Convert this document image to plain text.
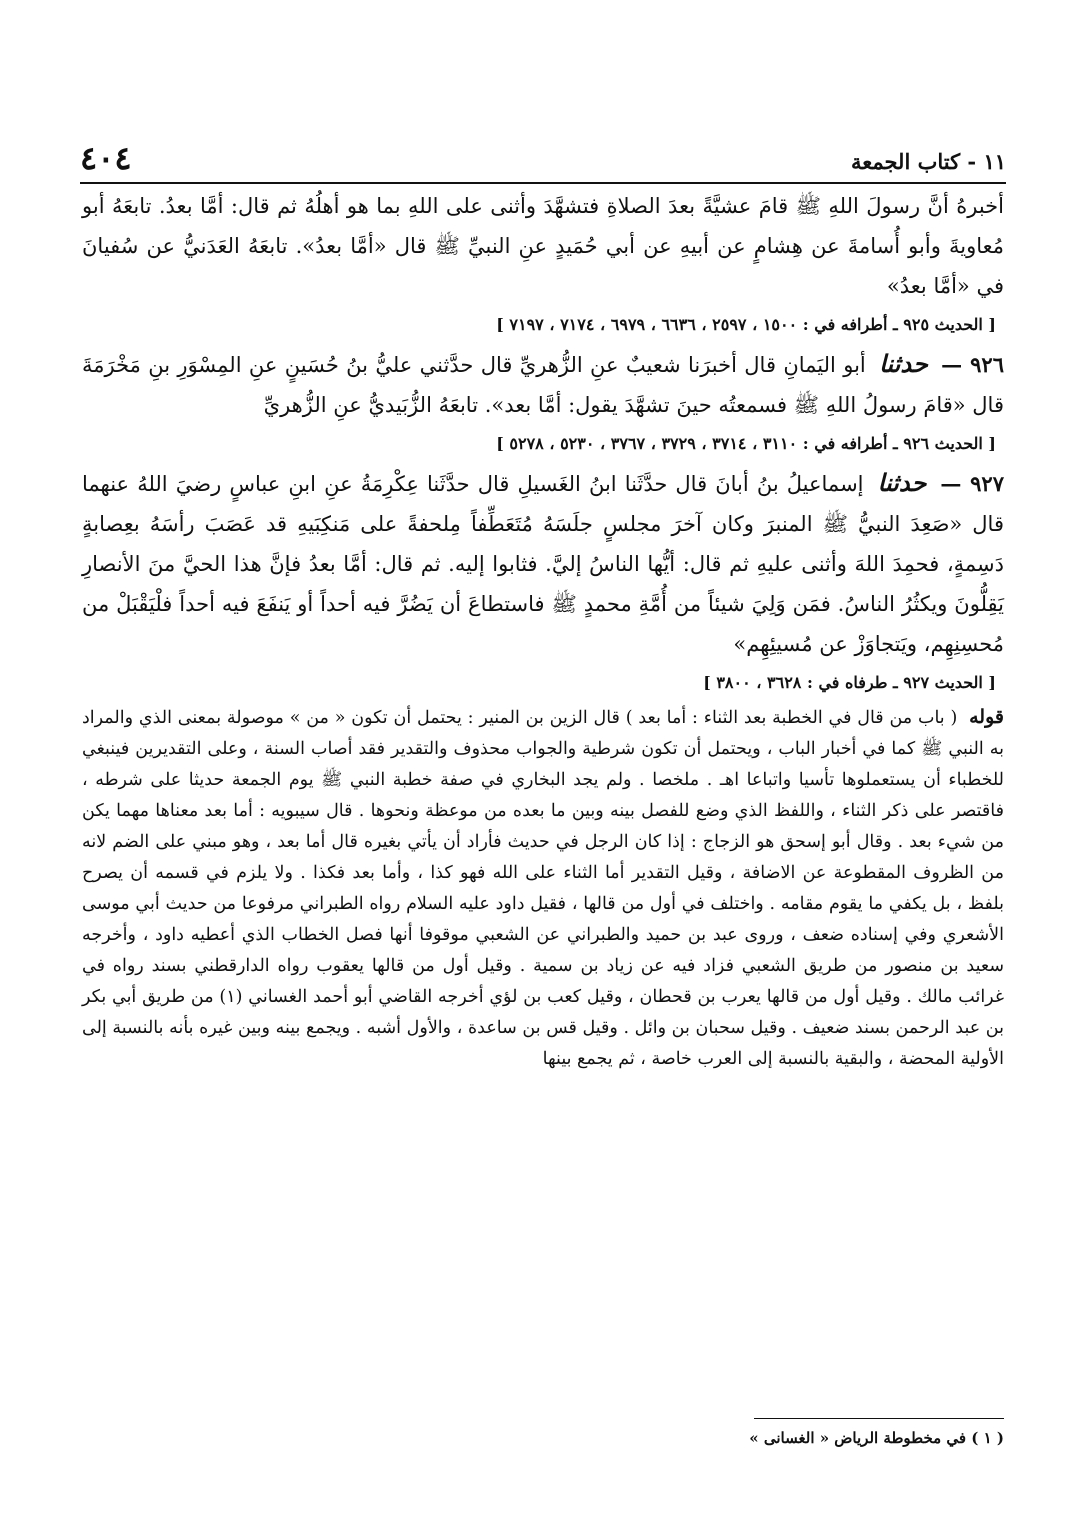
٤٠٤	١١ - كتاب الجمعة

أخبرهُ أنَّ رسولَ اللهِ ﷺ قامَ عشيَّةً بعدَ الصلاةِ فتشهَّدَ وأثنى على اللهِ بما هو أهلُهُ ثم قال: أمَّا بعدُ. تابعَهُ أبو مُعاويةَ وأبو أُسامةَ عن هِشامٍ عن أبيهِ عن أبي حُمَيدٍ عنِ النبيِّ ﷺ قال «أمَّا بعدُ». تابعَهُ العَدَنيُّ عن سُفيانَ في «أمَّا بعدُ»

[ الحديث ٩٢٥ ـ أطرافه في : ١٥٠٠ ، ٢٥٩٧ ، ٦٦٣٦ ، ٦٩٧٩ ، ٧١٧٤ ، ٧١٩٧ ]

٩٢٦ — حدثنا أبو اليَمانِ قال أخبرَنا شعيبٌ عنِ الزُّهريِّ قال حدَّثني عليُّ بنُ حُسَينٍ عنِ المِسْوَرِ بنِ مَخْرَمَةَ قال «قامَ رسولُ اللهِ ﷺ فسمعتُه حينَ تشهَّدَ يقول: أمَّا بعد». تابعَهُ الزُّبَيديُّ عنِ الزُّهريِّ

[ الحديث ٩٢٦ ـ أطرافه في : ٣١١٠ ، ٣٧١٤ ، ٣٧٢٩ ، ٣٧٦٧ ، ٥٢٣٠ ، ٥٢٧٨ ]

٩٢٧ — حدثنا إسماعيلُ بنُ أبانَ قال حدَّثَنا ابنُ الغَسيلِ قال حدَّثَنا عِكْرِمَةُ عنِ ابنِ عباسٍ رضيَ اللهُ عنهما قال «صَعِدَ النبيُّ ﷺ المنبرَ وكان آخرَ مجلسٍ جلَسَهُ مُتَعَطِّفاً مِلحفةً على مَنكِبَيهِ قد عَصَبَ رأسَهُ بعِصابةٍ دَسِمةٍ، فحمِدَ اللهَ وأثنى عليهِ ثم قال: أيُّها الناسُ إليَّ. فثابوا إليه. ثم قال: أمَّا بعدُ فإنَّ هذا الحيَّ منَ الأنصارِ يَقِلُّونَ ويكثُرُ الناسُ. فمَن وَلِيَ شيئاً من أُمَّةِ محمدٍ ﷺ فاستطاعَ أن يَضُرَّ فيه أحداً أو يَنفَعَ فيه أحداً فلْيَقْبَلْ من مُحسِنِهِم، ويَتجاوَزْ عن مُسيئِهِم»

[ الحديث ٩٢٧ ـ طرفاه في : ٣٦٢٨ ، ٣٨٠٠ ]

قوله ( باب من قال في الخطبة بعد الثناء : أما بعد ) قال الزين بن المنير : يحتمل أن تكون « من » موصولة بمعنى الذي والمراد به النبي ﷺ كما في أخبار الباب ، ويحتمل أن تكون شرطية والجواب محذوف والتقدير فقد أصاب السنة ، وعلى التقديرين فينبغي للخطباء أن يستعملوها تأسيا واتباعا اهـ . ملخصا . ولم يجد البخاري في صفة خطبة النبي ﷺ يوم الجمعة حديثا على شرطه ، فاقتصر على ذكر الثناء ، واللفظ الذي وضع للفصل بينه وبين ما بعده من موعظة ونحوها . قال سيبويه : أما بعد معناها مهما يكن من شيء بعد . وقال أبو إسحق هو الزجاج : إذا كان الرجل في حديث فأراد أن يأتي بغيره قال أما بعد ، وهو مبني على الضم لانه من الظروف المقطوعة عن الاضافة ، وقيل التقدير أما الثناء على الله فهو كذا ، وأما بعد فكذا . ولا يلزم في قسمه أن يصرح بلفظ ، بل يكفي ما يقوم مقامه . واختلف في أول من قالها ، فقيل داود عليه السلام رواه الطبراني مرفوعا من حديث أبي موسى الأشعري وفي إسناده ضعف ، وروى عبد بن حميد والطبراني عن الشعبي موقوفا أنها فصل الخطاب الذي أعطيه داود ، وأخرجه سعيد بن منصور من طريق الشعبي فزاد فيه عن زياد بن سمية . وقيل أول من قالها يعقوب رواه الدارقطني بسند رواه في غرائب مالك . وقيل أول من قالها يعرب بن قحطان ، وقيل كعب بن لؤي أخرجه القاضي أبو أحمد الغساني (١) من طريق أبي بكر بن عبد الرحمن بسند ضعيف . وقيل سحبان بن وائل . وقيل قس بن ساعدة ، والأول أشبه . ويجمع بينه وبين غيره بأنه بالنسبة إلى الأولية المحضة ، والبقية بالنسبة إلى العرب خاصة ، ثم يجمع بينها

( ١ ) في مخطوطة الرياض « الغسانى »
